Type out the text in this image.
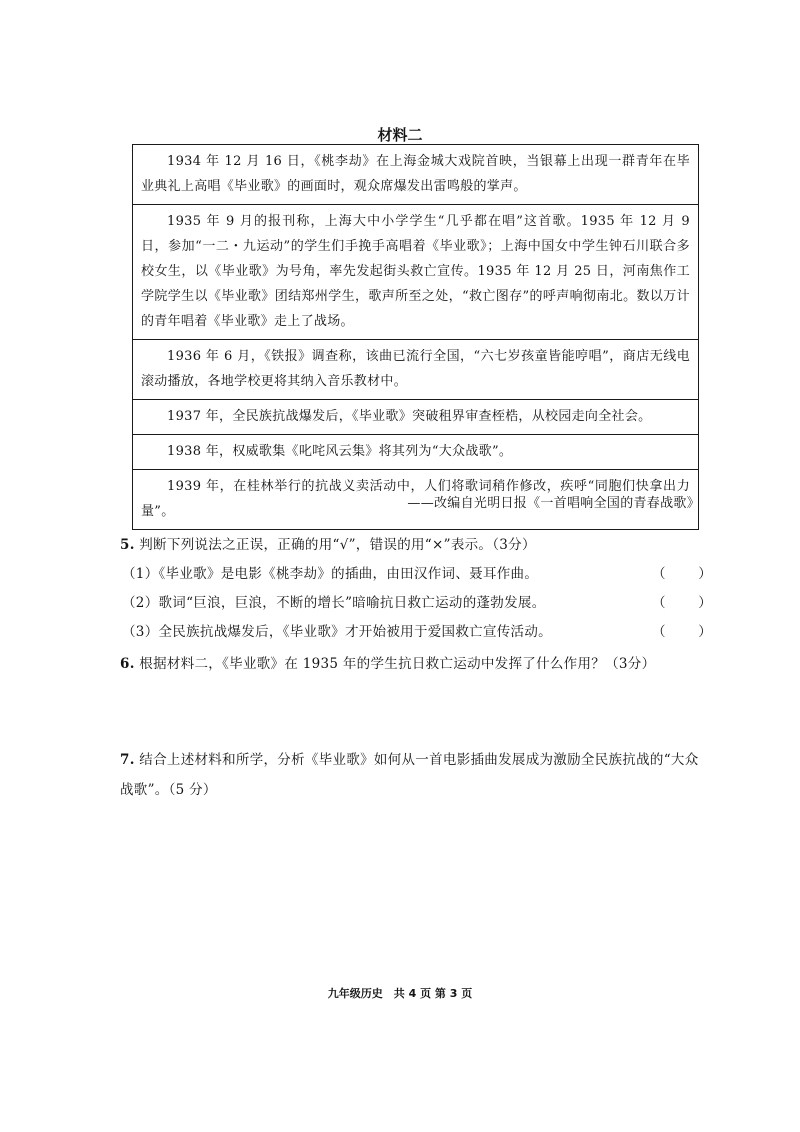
材料二
1934 年 12 月 16 日，《桃李劫》在上海金城大戏院首映，当银幕上出现一群青年在毕业典礼上高唱《毕业歌》的画面时，观众席爆发出雷鸣般的掌声。
1935 年 9 月的报刊称，上海大中小学学生“几乎都在唱”这首歌。1935 年 12 月 9 日，参加“一二・九运动”的学生们手挽手高唱着《毕业歌》；上海中国女中学生钟石川联合多校女生，以《毕业歌》为号角，率先发起街头救亡宣传。1935 年 12 月 25 日，河南焦作工学院学生以《毕业歌》团结郑州学生，歌声所至之处，“救亡图存”的呼声响彻南北。数以万计的青年唱着《毕业歌》走上了战场。
1936 年 6 月，《铁报》调查称，该曲已流行全国，“六七岁孩童皆能哼唱”，商店无线电滚动播放，各地学校更将其纳入音乐教材中。
1937 年，全民族抗战爆发后，《毕业歌》突破租界审查桎梏，从校园走向全社会。
1938 年，权威歌集《叱咤风云集》将其列为“大众战歌”。
1939 年，在桂林举行的抗战义卖活动中，人们将歌词稍作修改，疾呼“同胞们快拿出力量”。
——改编自光明日报《一首唱响全国的青春战歌》
5. 判断下列说法之正误，正确的用“√”，错误的用“×”表示。（3分）
（1）《毕业歌》是电影《桃李劫》的插曲，由田汉作词、聂耳作曲。	（ ）
（2）歌词“巨浪，巨浪，不断的增长”暗喻抗日救亡运动的蓬勃发展。	（ ）
（3）全民族抗战爆发后，《毕业歌》才开始被用于爱国救亡宣传活动。	（ ）
6. 根据材料二，《毕业歌》在 1935 年的学生抗日救亡运动中发挥了什么作用？（3分）
7. 结合上述材料和所学，分析《毕业歌》如何从一首电影插曲发展成为激励全民族抗战的“大众战歌”。（5 分）
九年级历史　共 4 页 第 3 页
